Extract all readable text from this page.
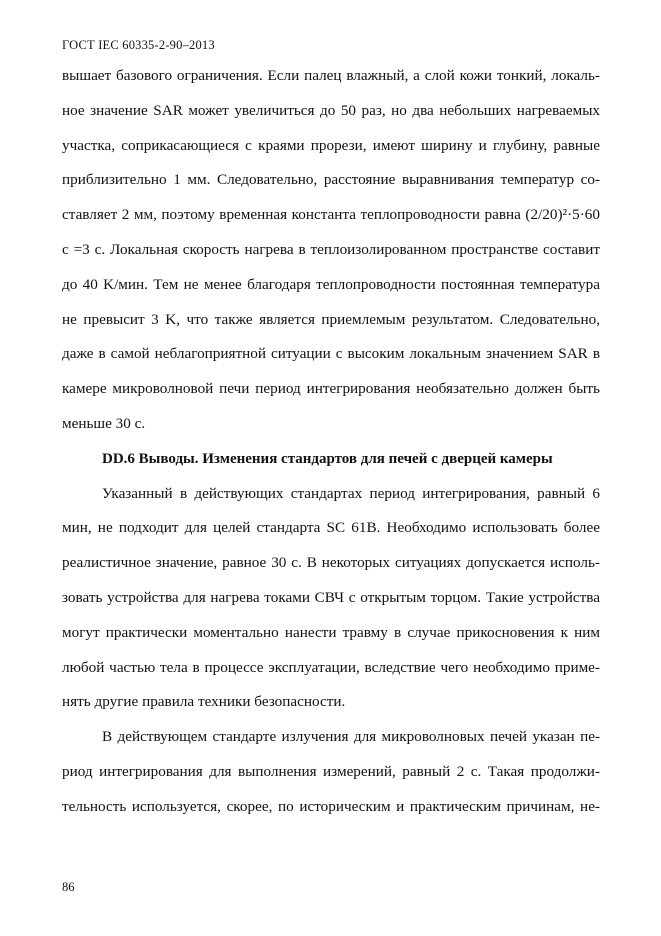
ГОСТ IEC 60335-2-90–2013
вышает базового ограничения. Если палец влажный, а слой кожи тонкий, локаль-
ное значение SAR может увеличиться до 50 раз, но два небольших нагреваемых
участка, соприкасающиеся с краями прорези, имеют ширину и глубину, равные
приблизительно 1 мм. Следовательно, расстояние выравнивания температур со-
ставляет 2 мм, поэтому временная константа теплопроводности равна (2/20)²·5·60
с =3 с. Локальная скорость нагрева в теплоизолированном пространстве составит
до 40 K/мин. Тем не менее благодаря теплопроводности постоянная температура
не превысит 3 K, что также является приемлемым результатом. Следовательно,
даже в самой неблагоприятной ситуации с высоким локальным значением SAR в
камере микроволновой печи период интегрирования необязательно должен быть
меньше 30 с.
DD.6 Выводы. Изменения стандартов для печей с дверцей камеры
Указанный в действующих стандартах период интегрирования, равный 6
мин, не подходит для целей стандарта SC 61B. Необходимо использовать более
реалистичное значение, равное 30 с. В некоторых ситуациях допускается исполь-
зовать устройства для нагрева токами СВЧ с открытым торцом. Такие устройства
могут практически моментально нанести травму в случае прикосновения к ним
любой частью тела в процессе эксплуатации, вследствие чего необходимо приме-
нять другие правила техники безопасности.
В действующем стандарте излучения для микроволновых печей указан пе-
риод интегрирования для выполнения измерений, равный 2 с. Такая продолжи-
тельность используется, скорее, по историческим и практическим причинам, не-
86
